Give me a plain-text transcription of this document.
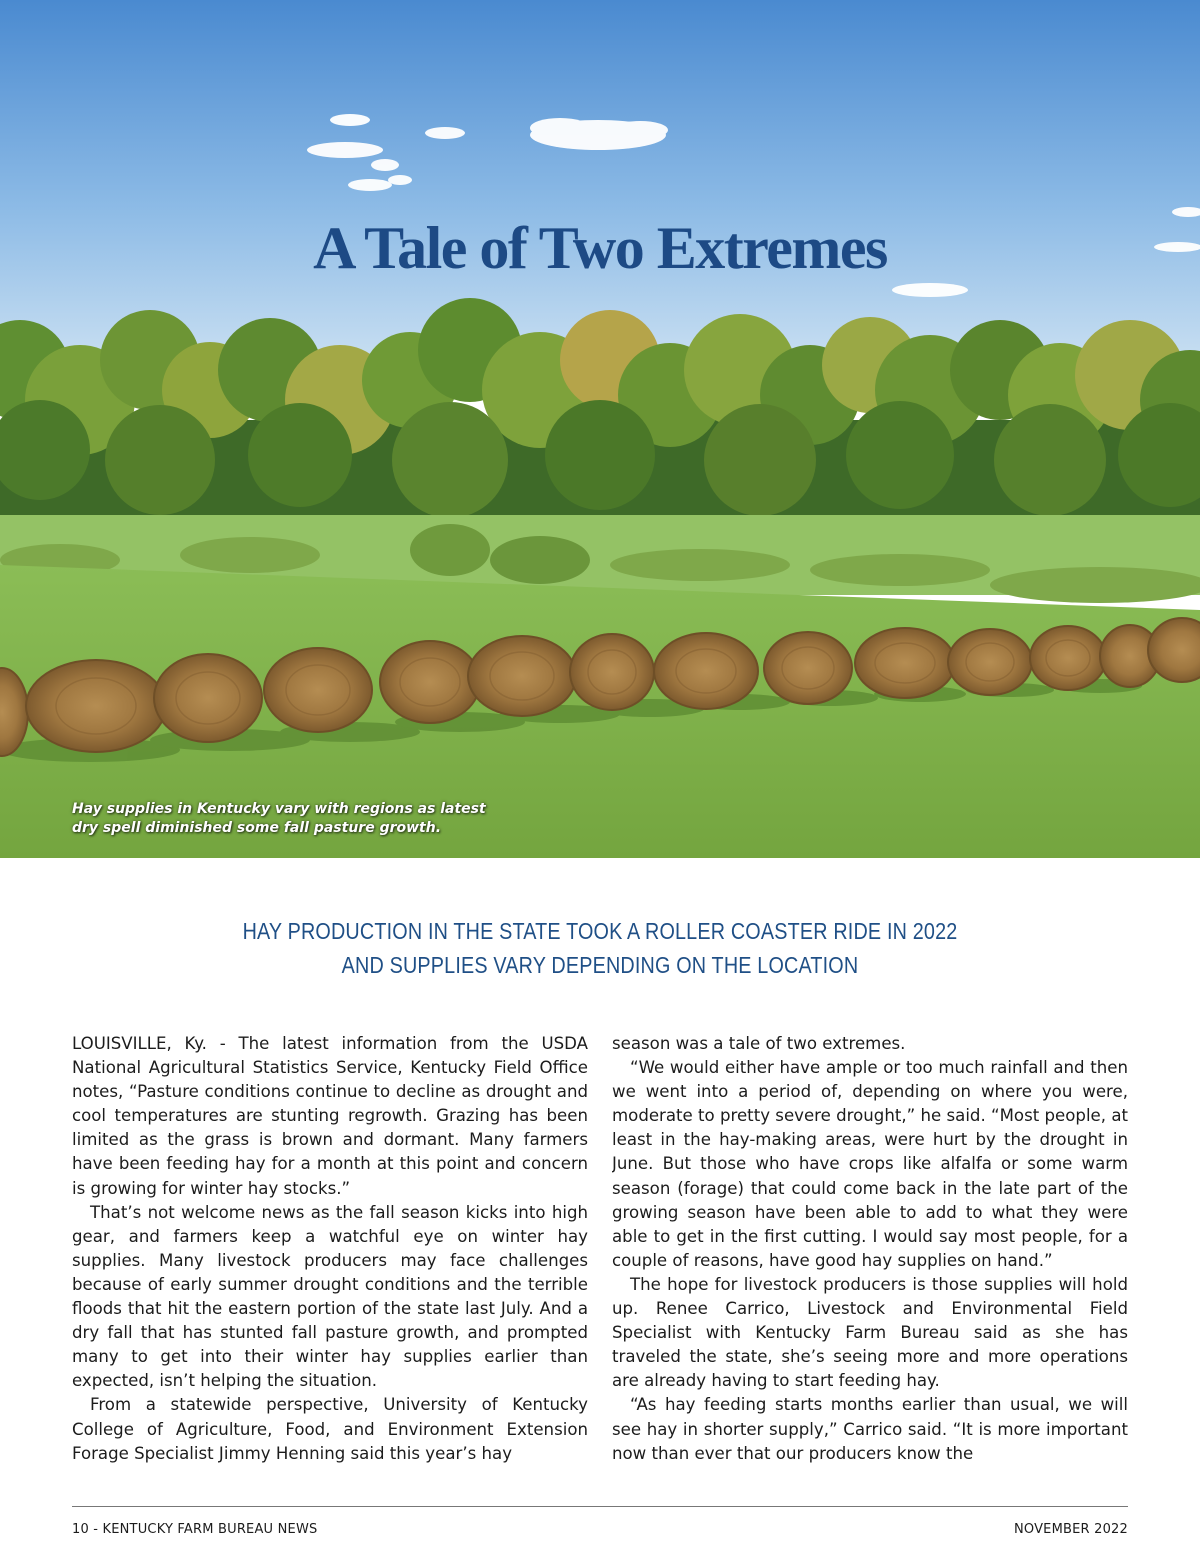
A Tale of Two Extremes
Hay supplies in Kentucky vary with regions as latest dry spell diminished some fall pasture growth.
HAY PRODUCTION IN THE STATE TOOK A ROLLER COASTER RIDE IN 2022
AND SUPPLIES VARY DEPENDING ON THE LOCATION

LOUISVILLE, Ky. - The latest information from the USDA National Agricultural Statistics Service, Kentucky Field Office notes, “Pasture conditions continue to decline as drought and cool temperatures are stunting regrowth. Grazing has been limited as the grass is brown and dormant. Many farmers have been feeding hay for a month at this point and concern is growing for winter hay stocks.”

That’s not welcome news as the fall season kicks into high gear, and farmers keep a watchful eye on winter hay supplies. Many livestock producers may face challenges because of early summer drought conditions and the terrible floods that hit the eastern portion of the state last July. And a dry fall that has stunted fall pasture growth, and prompted many to get into their winter hay supplies earlier than expected, isn’t helping the situation.

From a statewide perspective, University of Kentucky College of Agriculture, Food, and Environment Extension Forage Specialist Jimmy Henning said this year’s hay

season was a tale of two extremes.

“We would either have ample or too much rainfall and then we went into a period of, depending on where you were, moderate to pretty severe drought,” he said. “Most people, at least in the hay-making areas, were hurt by the drought in June. But those who have crops like alfalfa or some warm season (forage) that could come back in the late part of the growing season have been able to add to what they were able to get in the first cutting. I would say most people, for a couple of reasons, have good hay supplies on hand.”

The hope for livestock producers is those supplies will hold up. Renee Carrico, Livestock and Environmental Field Specialist with Kentucky Farm Bureau said as she has traveled the state, she’s seeing more and more operations are already having to start feeding hay.

“As hay feeding starts months earlier than usual, we will see hay in shorter supply,” Carrico said. “It is more important now than ever that our producers know the

10 - KENTUCKY FARM BUREAU NEWS	NOVEMBER 2022
